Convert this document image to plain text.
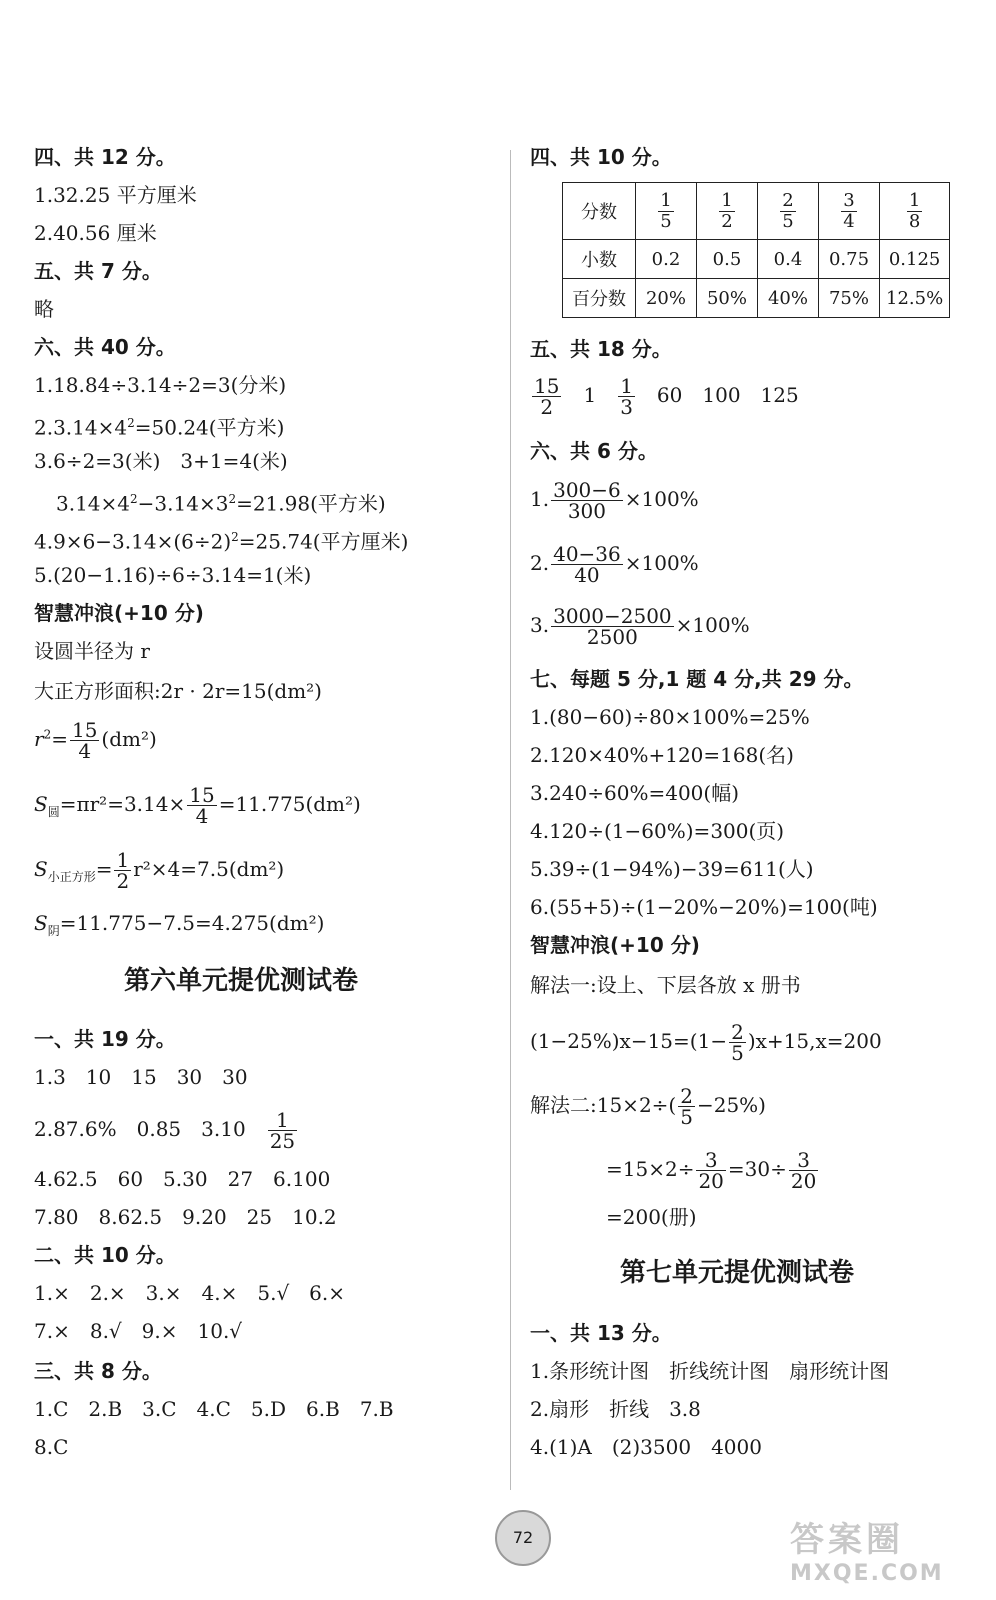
四、共 12 分。
1.32.25 平方厘米
2.40.56 厘米
五、共 7 分。
略
六、共 40 分。
1.18.84÷3.14÷2=3(分米)
$2.3.14\times 4^2=50.24$(平方米)
3.6÷2=3(米)　3+1=4(米)
$3.14\times 4^2-3.14\times 3^2=21.98$(平方米)
$4.9\times 6-3.14\times(6\div 2)^2=25.74$(平方厘米)
5.(20−1.16)÷6÷3.14=1(米)
智慧冲浪(+10 分)
设圆半径为 r
大正方形面积:2r · 2r=15(dm²)
$r^2= \frac{15}{4} (dm^2)$
$S_圆=\pi r^2=3.14\times \frac{15}{4} =11.775(dm^2)$
$S_{小正方形}= \frac{1}{2} r^2\times 4=7.5(dm^2)$
$S_阴=11.775-7.5=4.275(dm^2)$
第六单元提优测试卷
一、共 19 分。
1.3　10　15　30　30
2.87.6%　0.85　3.10　 $\frac{1}{25}$
4.62.5　60　5.30　27　6.100
7.80　8.62.5　9.20　25　10.2
二、共 10 分。
1.×　2.×　3.×　4.×　5.√　6.×
7.×　8.√　9.×　10.√
三、共 8 分。
1.C　2.B　3.C　4.C　5.D　6.B　7.B
8.C
四、共 10 分。
分数	$\frac{1}{5}$	$\frac{1}{2}$	$\frac{2}{5}$	$\frac{3}{4}$	$\frac{1}{8}$

小数	0.2	0.5	0.4	0.75	0.125
百分数	20%	50%	40%	75%	12.5%
五、共 18 分。
$\frac{15}{2}$
　 1　 $\frac{1}{3}$
　 60　100　125
六、共 6 分。
1. $\frac{300-6}{300} \times 100\%$
2. $\frac{40-36}{40} \times 100\%$
3. $\frac{3000-2500}{2500} \times 100\%$
七、每题 5 分,1 题 4 分,共 29 分。
1.(80−60)÷80×100%=25%
2.120×40%+120=168(名)
3.240÷60%=400(幅)
4.120÷(1−60%)=300(页)
5.39÷(1−94%)−39=611(人)
6.(55+5)÷(1−20%−20%)=100(吨)
智慧冲浪(+10 分)
解法一:设上、下层各放 x 册书
$(1-25\%)x-15=(1- \frac{2}{5} )x+15,x=200$
解法二:15×2÷( $\frac{2}{5} -25\%$)
$=15\times 2\div \frac{3}{20} =30\div \frac{3}{20}$
=200(册)
第七单元提优测试卷
一、共 13 分。
1.条形统计图　折线统计图　扇形统计图
2.扇形　折线　3.8
4.(1)A　(2)3500　4000
72	答案圈
MXQE.COM
